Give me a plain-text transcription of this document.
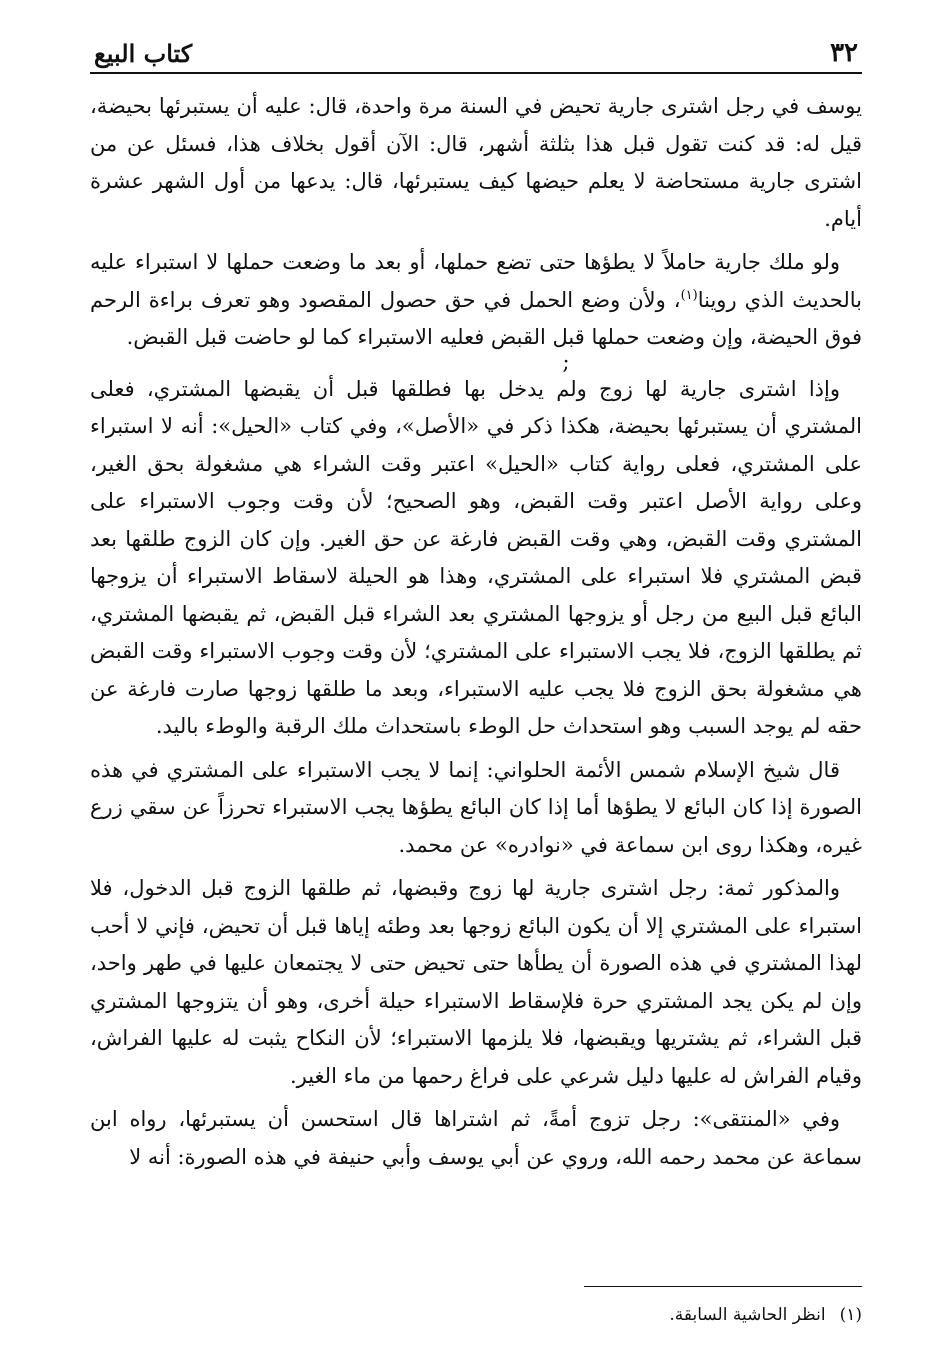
٣٢
كتاب البيع

يوسف في رجل اشترى جارية تحيض في السنة مرة واحدة، قال: عليه أن يستبرئها بحيضة، قيل له: قد كنت تقول قبل هذا بثلثة أشهر، قال: الآن أقول بخلاف هذا، فسئل عن من اشترى جارية مستحاضة لا يعلم حيضها كيف يستبرئها، قال: يدعها من أول الشهر عشرة أيام.

ولو ملك جارية حاملاً لا يطؤها حتى تضع حملها، أو بعد ما وضعت حملها لا استبراء عليه بالحديث الذي روينا$^{(١)}$، ولأن وضع الحمل في حق حصول المقصود وهو تعرف براءة الرحم فوق الحيضة، وإن وضعت حملها قبل القبض فعليه الاستبراء كما لو حاضت قبل القبض.

;

وإذا اشترى جارية لها زوج ولم يدخل بها فطلقها قبل أن يقبضها المشتري، فعلى المشتري أن يستبرئها بحيضة، هكذا ذكر في «الأصل»، وفي كتاب «الحيل»: أنه لا استبراء على المشتري، فعلى رواية كتاب «الحيل» اعتبر وقت الشراء هي مشغولة بحق الغير، وعلى رواية الأصل اعتبر وقت القبض، وهو الصحيح؛ لأن وقت وجوب الاستبراء على المشتري وقت القبض، وهي وقت القبض فارغة عن حق الغير. وإن كان الزوج طلقها بعد قبض المشتري فلا استبراء على المشتري، وهذا هو الحيلة لاسقاط الاستبراء أن يزوجها البائع قبل البيع من رجل أو يزوجها المشتري بعد الشراء قبل القبض، ثم يقبضها المشتري، ثم يطلقها الزوج، فلا يجب الاستبراء على المشتري؛ لأن وقت وجوب الاستبراء وقت القبض هي مشغولة بحق الزوج فلا يجب عليه الاستبراء، وبعد ما طلقها زوجها صارت فارغة عن حقه لم يوجد السبب وهو استحداث حل الوطء باستحداث ملك الرقبة والوطء باليد.

قال شيخ الإسلام شمس الأئمة الحلواني: إنما لا يجب الاستبراء على المشتري في هذه الصورة إذا كان البائع لا يطؤها أما إذا كان البائع يطؤها يجب الاستبراء تحرزاً عن سقي زرع غيره، وهكذا روى ابن سماعة في «نوادره» عن محمد.

والمذكور ثمة: رجل اشترى جارية لها زوج وقبضها، ثم طلقها الزوج قبل الدخول، فلا استبراء على المشتري إلا أن يكون البائع زوجها بعد وطئه إياها قبل أن تحيض، فإني لا أحب لهذا المشتري في هذه الصورة أن يطأها حتى تحيض حتى لا يجتمعان عليها في طهر واحد، وإن لم يكن يجد المشتري حرة فلإسقاط الاستبراء حيلة أخرى، وهو أن يتزوجها المشتري قبل الشراء، ثم يشتريها ويقبضها، فلا يلزمها الاستبراء؛ لأن النكاح يثبت له عليها الفراش، وقيام الفراش له عليها دليل شرعي على فراغ رحمها من ماء الغير.

وفي «المنتقى»: رجل تزوج أمةً، ثم اشتراها قال استحسن أن يستبرئها، رواه ابن سماعة عن محمد رحمه الله، وروي عن أبي يوسف وأبي حنيفة في هذه الصورة: أنه لا

(١)انظر الحاشية السابقة.
